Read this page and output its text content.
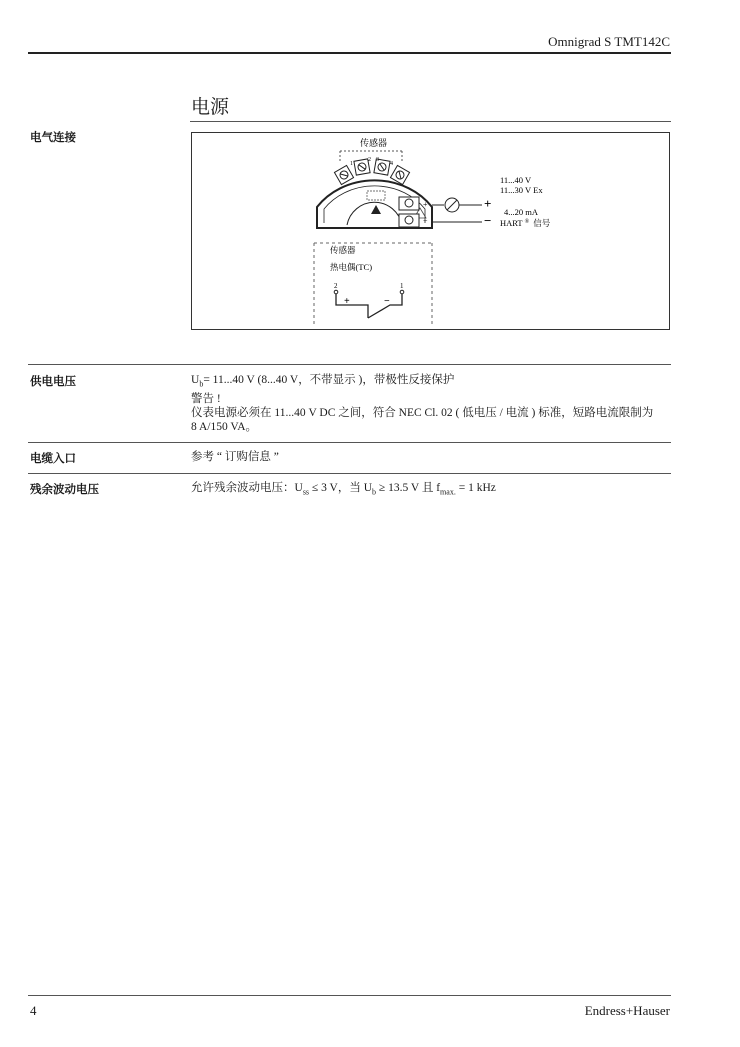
Omnigrad S TMT142C
电源
电气连接	传感器
1
2 3
4
+
−
+
−
11...40 V
11...30 V Ex
4...20 mA
HART ® 信号
传感器
热电偶(TC)
2	1
+	−
供电电压	$U_b= 11...40$ V (8...40 V，不带显示 )，带极性反接保护
警告 !
仪表电源必须在 11...40 V DC 之间，符合 NEC Cl. 02 ( 低电压 / 电流 ) 标准，短路电流限制为
8 A/150 VA。
电缆入口	参考 “ 订购信息 ”
残余波动电压	允许残余波动电压：$U_{ss} \le 3$ V，当 $U_b \ge 13.5$ V 且 $f_{max.} = 1$ kHz
4	Endress+Hauser
